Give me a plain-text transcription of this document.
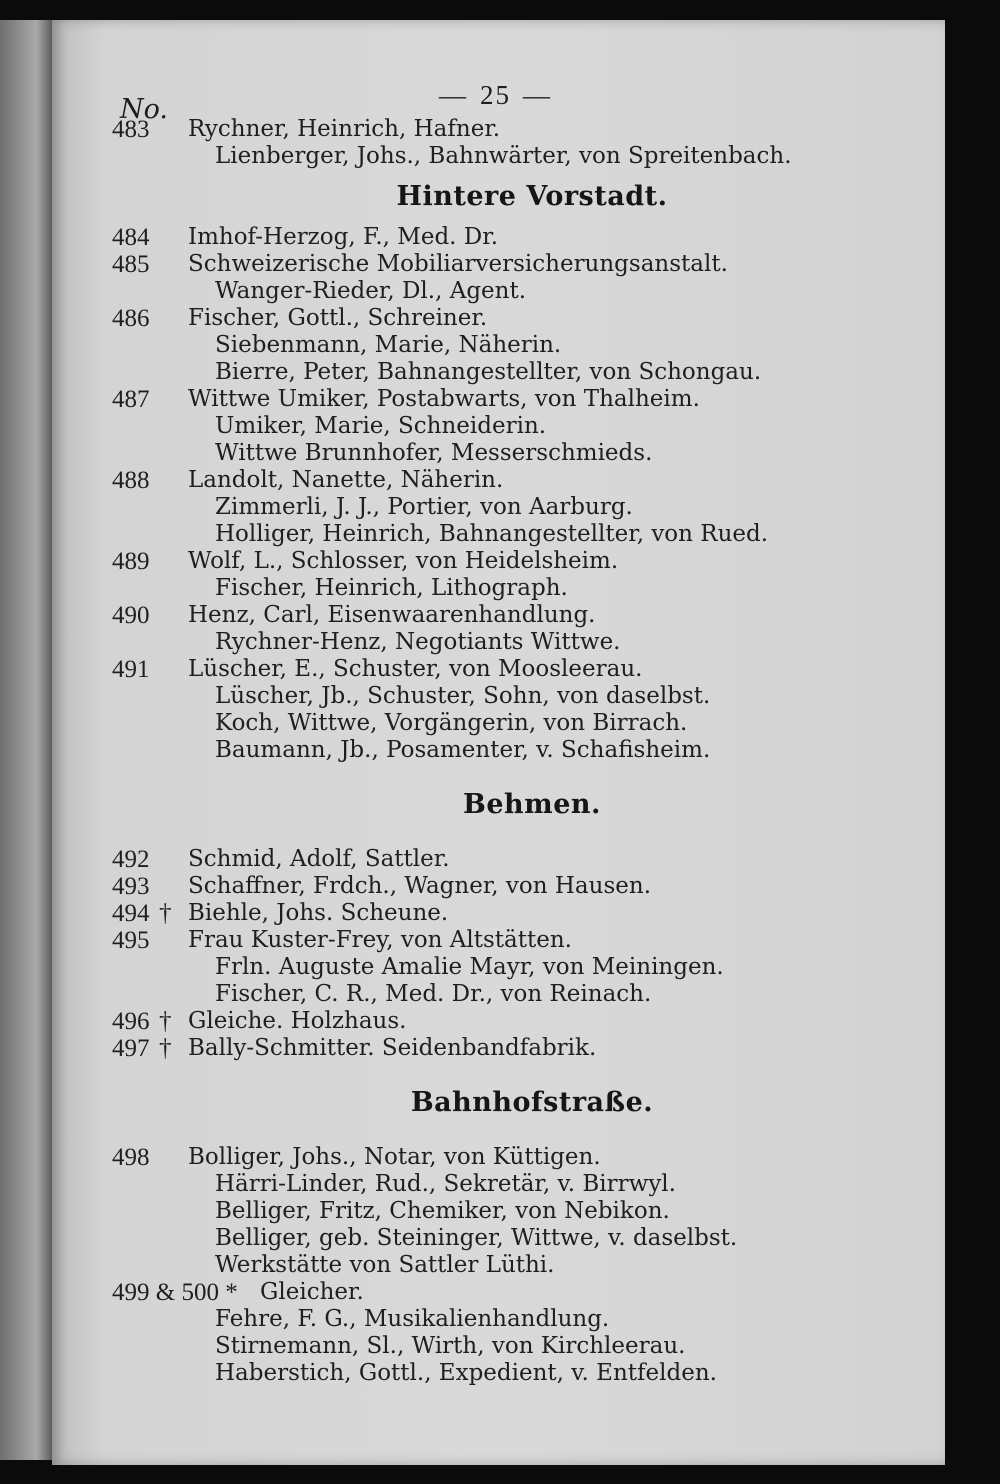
No.	— 25 —
483 Rychner, Heinrich, Hafner.
Lienberger, Johs., Bahnwärter, von Spreitenbach.
Hintere Vorstadt.
484 Imhof-Herzog, F., Med. Dr.
485 Schweizerische Mobiliarversicherungsanstalt.
Wanger-Rieder, Dl., Agent.
486 Fischer, Gottl., Schreiner.
Siebenmann, Marie, Näherin.
Bierre, Peter, Bahnangestellter, von Schongau.
487 Wittwe Umiker, Postabwarts, von Thalheim.
Umiker, Marie, Schneiderin.
Wittwe Brunnhofer, Messerschmieds.
488 Landolt, Nanette, Näherin.
Zimmerli, J. J., Portier, von Aarburg.
Holliger, Heinrich, Bahnangestellter, von Rued.
489 Wolf, L., Schlosser, von Heidelsheim.
Fischer, Heinrich, Lithograph.
490 Henz, Carl, Eisenwaarenhandlung.
Rychner-Henz, Negotiants Wittwe.
491 Lüscher, E., Schuster, von Moosleerau.
Lüscher, Jb., Schuster, Sohn, von daselbst.
Koch, Wittwe, Vorgängerin, von Birrach.
Baumann, Jb., Posamenter, v. Schafisheim.
Behmen.
492 Schmid, Adolf, Sattler.
493 Schaffner, Frdch., Wagner, von Hausen.
494 † Biehle, Johs. Scheune.
495 Frau Kuster-Frey, von Altstätten.
Frln. Auguste Amalie Mayr, von Meiningen.
Fischer, C. R., Med. Dr., von Reinach.
496 † Gleiche. Holzhaus.
497 † Bally-Schmitter. Seidenbandfabrik.
Bahnhofstraße.
498 Bolliger, Johs., Notar, von Küttigen.
Härri-Linder, Rud., Sekretär, v. Birrwyl.
Belliger, Fritz, Chemiker, von Nebikon.
Belliger, geb. Steininger, Wittwe, v. daselbst.
Werkstätte von Sattler Lüthi.
499 & 500 * Gleicher.
Fehre, F. G., Musikalienhandlung.
Stirnemann, Sl., Wirth, von Kirchleerau.
Haberstich, Gottl., Expedient, v. Entfelden.
